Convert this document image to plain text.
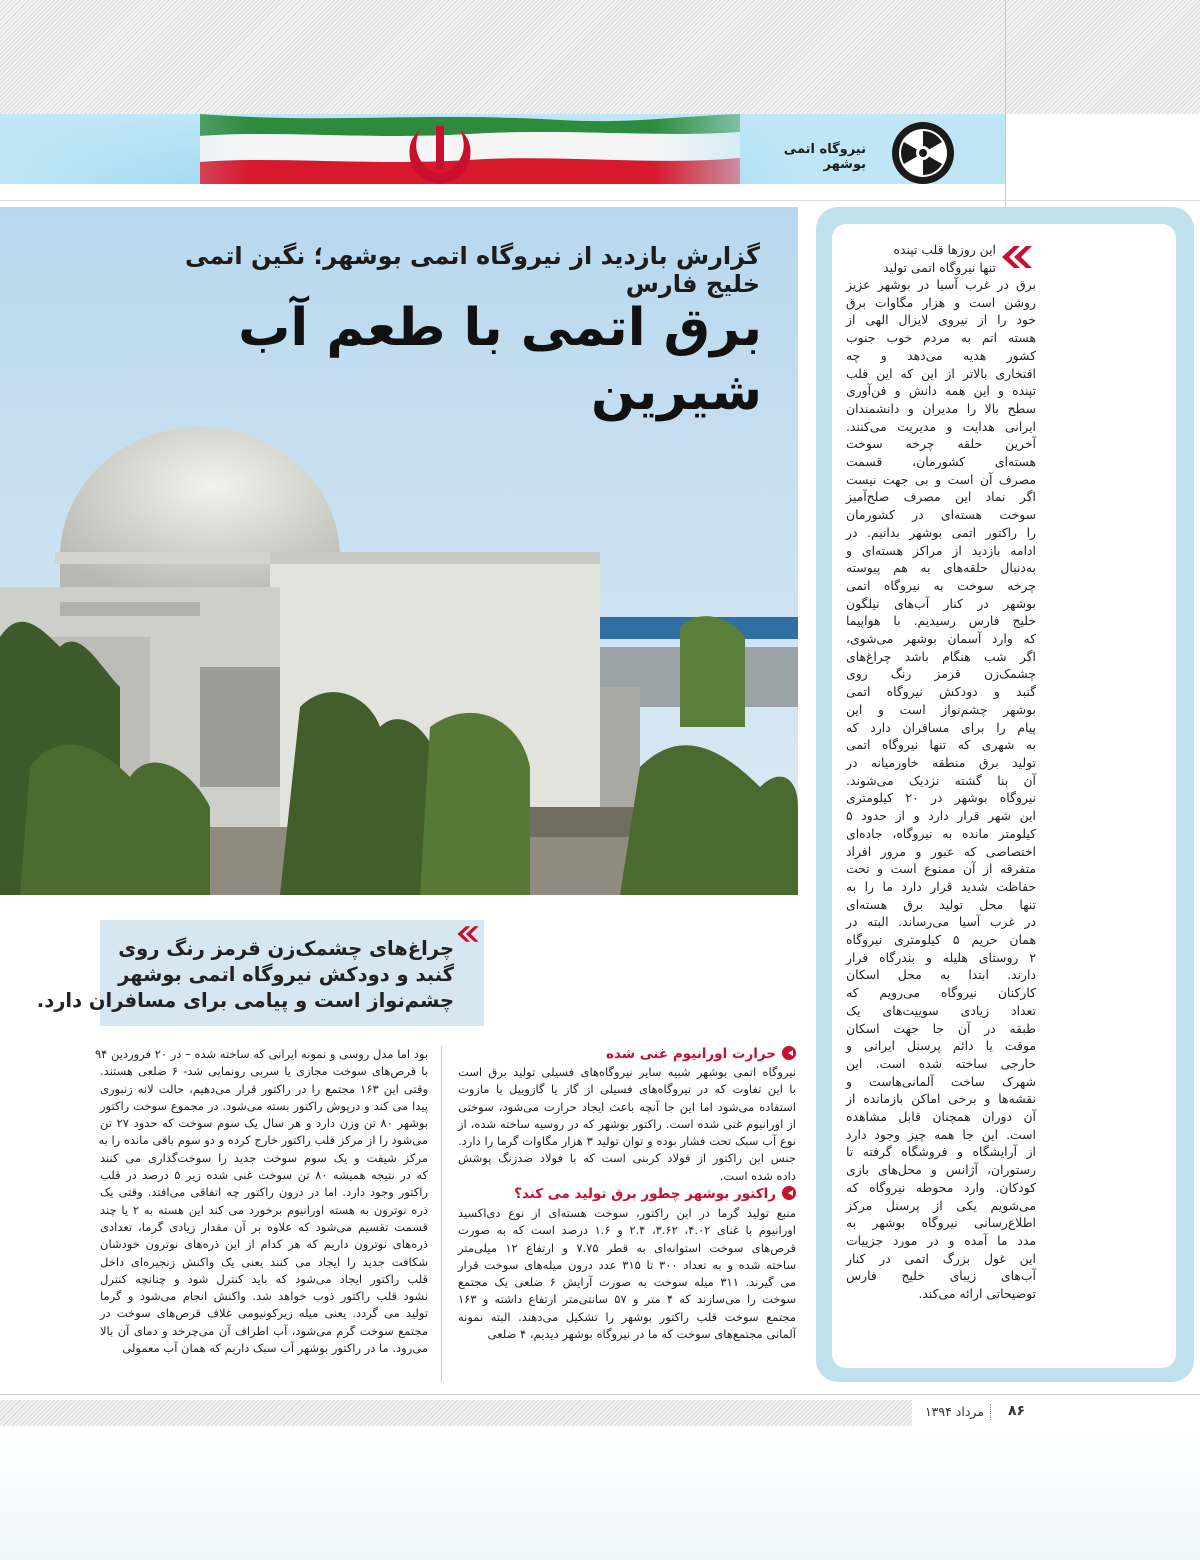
نیروگاه اتمی بوشهر
گزارش بازدید از نیروگاه اتمی بوشهر؛ نگین اتمی خلیج فارس
برق اتمی با طعم آب شیرین

این روزها قلب تپنده

تنها نیروگاه اتمی تولید

برق در غرب آسیا در بوشهر عزیز

روشن است و هزار مگاوات برق

خود را از نیروی لایزال الهی از

هسته اتم به مردم خوب جنوب

کشور هدیه می‌دهد و چه

افتخاری بالاتر از این که این قلب

تپنده و این همه دانش و فن‌آوری

سطح بالا را مدیران و دانشمندان

ایرانی هدایت و مدیریت می‌کنند.

آخرین حلقه چرخه سوخت

هسته‌ای کشورمان، قسمت

مصرف آن است و بی جهت نیست

اگر نماد این مصرف صلح‌آمیز

سوخت هسته‌ای در کشورمان

را راکتور اتمی بوشهر بدانیم. در

ادامه بازدید از مراکز هسته‌ای و

به‌دنبال حلقه‌های به هم پیوسته

چرخه سوخت به نیروگاه اتمی

بوشهر در کنار آب‌های نیلگون

خلیج فارس رسیدیم. با هواپیما

که وارد آسمان بوشهر می‌شوی،

اگر شب هنگام باشد چراغ‌های

چشمک‌زن قرمز رنگ روی

گنبد و دودکش نیروگاه اتمی

بوشهر چشم‌نواز است و این

پیام را برای مسافران دارد که

به شهری که تنها نیروگاه اتمی

تولید برق منطقه خاورمیانه در

آن بنا گشته نزدیک می‌شوند.

نیروگاه بوشهر در ۲۰ کیلومتری

این شهر قرار دارد و از حدود ۵

کیلومتر مانده به نیروگاه، جاده‌ای

اختصاصی که عبور و مرور افراد

متفرقه از آن ممنوع است و تحت

حفاظت شدید قرار دارد ما را به

تنها محل تولید برق هسته‌ای

در غرب آسیا می‌رساند. البته در

همان حریم ۵ کیلومتری نیروگاه

۲ روستای هلیله و بندرگاه قرار

دارند. ابتدا به محل اسکان

کارکنان نیروگاه می‌رویم که

تعداد زیادی سوییت‌های یک

طبقه در آن جا جهت اسکان

موقت یا دائم پرسنل ایرانی و

خارجی ساخته شده است. این

شهرک ساخت آلمانی‌هاست و

نقشه‌ها و برخی اماکن بازمانده از

آن دوران همچنان قابل مشاهده

است. این جا همه چیز وجود دارد

از آرایشگاه و فروشگاه گرفته تا

رستوران، آژانس و محل‌های بازی

کودکان. وارد محوطه نیروگاه که

می‌شویم یکی از پرسنل مرکز

اطلاع‌رسانی نیروگاه بوشهر به

مدد ما آمده و در مورد جزییات

این غول بزرگ اتمی در کنار

آب‌های زیبای خلیج فارس

توضیحاتی ارائه می‌کند.

چراغ‌های چشمک‌زن قرمز رنگ روی

گنبد و دودکش نیروگاه اتمی بوشهر

چشم‌نواز است و پیامی برای مسافران دارد.

حرارت اورانیوم غنی شده

نیروگاه اتمی بوشهر شبیه سایر نیروگاه‌های فسیلی تولید برق است

با این تفاوت که در نیروگاه‌های فسیلی از گاز یا گازوییل یا مازوت

استفاده می‌شود اما این جا آنچه باعث ایجاد حرارت می‌شود، سوختی

از اورانیوم غنی شده است. راکتور بوشهر که در روسیه ساخته شده، از

نوع آب سبک تحت فشار بوده و توان تولید ۳ هزار مگاوات گرما را دارد.

جنس این راکتور از فولاد کربنی است که با فولاد ضدزنگ پوشش

داده شده است.

راکتور بوشهر چطور برق تولید می کند؟

منبع تولید گرما در این راکتور، سوخت هسته‌ای از نوع دی‌اکسید

اورانیوم با غنای ۴.۰۲، ۳.۶۲، ۲.۴ و ۱.۶ درصد است که به صورت

قرص‌های سوخت استوانه‌ای به قطر ۷.۷۵ و ارتفاع ۱۲ میلی‌متر

ساخته شده و به تعداد ۳۰۰ تا ۳۱۵ عدد درون میله‌های سوخت قرار

می گیرند. ۳۱۱ میله سوخت به صورت آرایش ۶ ضلعی یک مجتمع

سوخت را می‌سازند که ۴ متر و ۵۷ سانتی‌متر ارتفاع داشته و ۱۶۳

مجتمع سوخت قلب راکتور بوشهر را تشکیل می‌دهند. البته نمونه

آلمانی مجتمع‌های سوخت که ما در نیروگاه بوشهر دیدیم، ۴ ضلعی

بود اما مدل روسی و نمونه ایرانی که ساخته شده – در ۲۰ فروردین ۹۴

با قرص‌های سوخت مجازی یا سربی رونمایی شد- ۶ ضلعی هستند.

وقتی این ۱۶۳ مجتمع را در راکتور قرار می‌دهیم، حالت لانه زنبوری

پیدا می کند و درپوش راکتور بسته می‌شود. در مجموع سوخت راکتور

بوشهر ۸۰ تن وزن دارد و هر سال یک سوم سوخت که حدود ۲۷ تن

می‌شود را از مرکز قلب راکتور خارج کرده و دو سوم باقی مانده را به

مرکز شیفت و یک سوم سوخت جدید را سوخت‌گذاری می کنند

که در نتیجه همیشه ۸۰ تن سوخت غنی شده زیر ۵ درصد در قلب

راکتور وجود دارد. اما در درون راکتور چه اتفاقی می‌افتد. وقتی یک

ذره نوترون به هسته اورانیوم برخورد می کند این هسته به ۲ یا چند

قسمت تقسیم می‌شود که علاوه بر آن مقدار زیادی گرما، تعدادی

ذره‌های نوترون داریم که هر کدام از این ذره‌های نوترون خودشان

شکافت جدید را ایجاد می کنند یعنی یک واکنش زنجیره‌ای داخل

قلب راکتور ایجاد می‌شود که باید کنترل شود و چنانچه کنترل

نشود قلب راکتور ذوب خواهد شد. واکنش انجام می‌شود و گرما

تولید می گردد. یعنی میله زیرکونیومی غلاف قرص‌های سوخت در

مجتمع سوخت گرم می‌شود، آب اطراف آن می‌چرخد و دمای آن بالا

می‌رود. ما در راکتور بوشهر آب سبک داریم که همان آب معمولی

مرداد ۱۳۹۴ ۸۶
